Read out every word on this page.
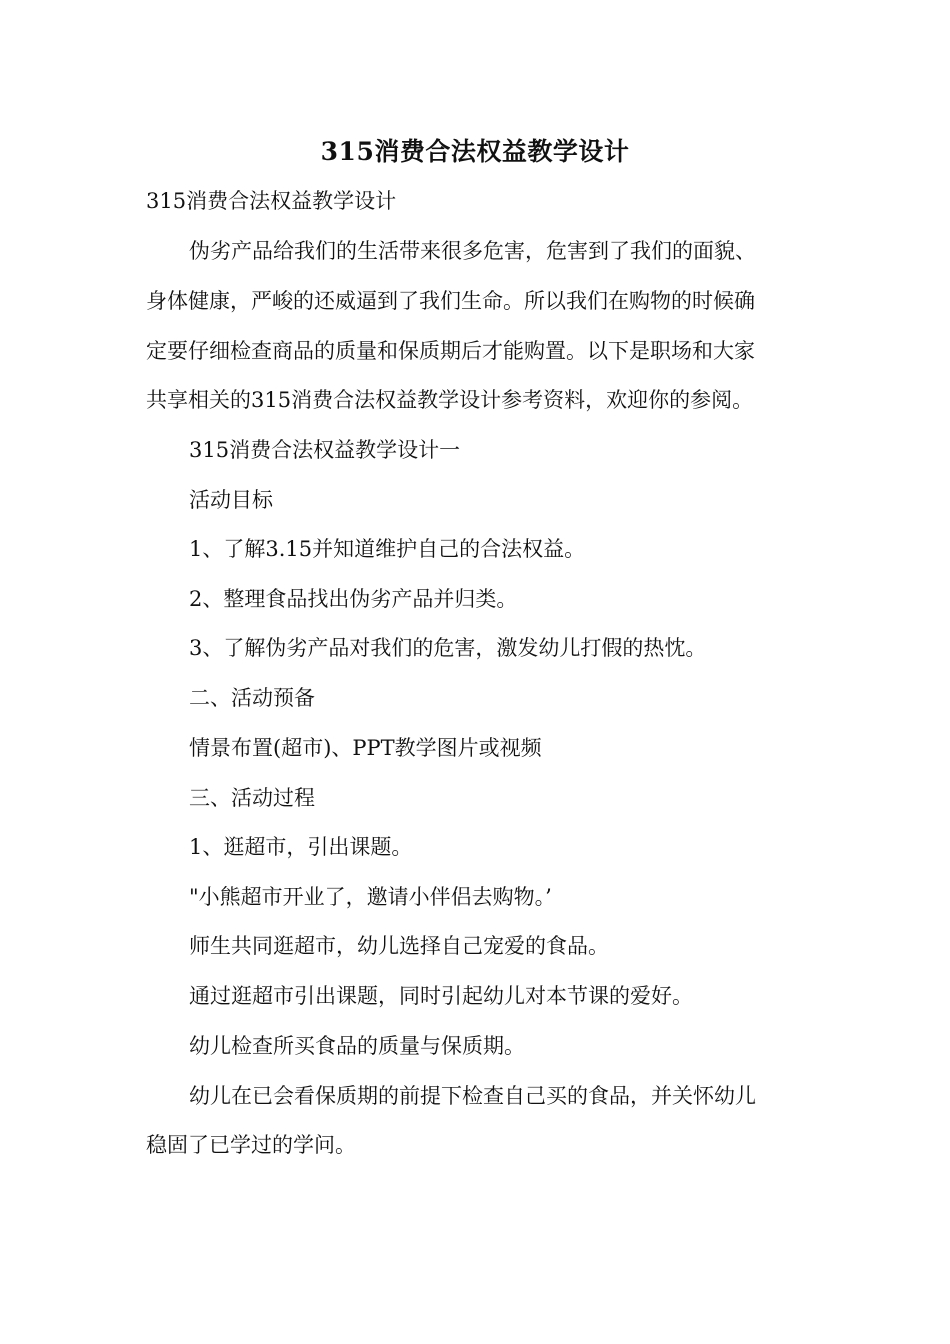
315消费合法权益教学设计
315消费合法权益教学设计
伪劣产品给我们的生活带来很多危害，危害到了我们的面貌、
身体健康，严峻的还威逼到了我们生命。所以我们在购物的时候确
定要仔细检查商品的质量和保质期后才能购置。以下是职场和大家
共享相关的315消费合法权益教学设计参考资料，欢迎你的参阅。
315消费合法权益教学设计一
活动目标
1、了解3.15并知道维护自己的合法权益。
2、整理食品找出伪劣产品并归类。
3、了解伪劣产品对我们的危害，激发幼儿打假的热忱。
二、活动预备
情景布置(超市)、PPT教学图片或视频
三、活动过程
1、逛超市，引出课题。
"小熊超市开业了，邀请小伴侣去购物。’
师生共同逛超市，幼儿选择自己宠爱的食品。
通过逛超市引出课题，同时引起幼儿对本节课的爱好。
幼儿检查所买食品的质量与保质期。
幼儿在已会看保质期的前提下检查自己买的食品，并关怀幼儿
稳固了已学过的学问。
